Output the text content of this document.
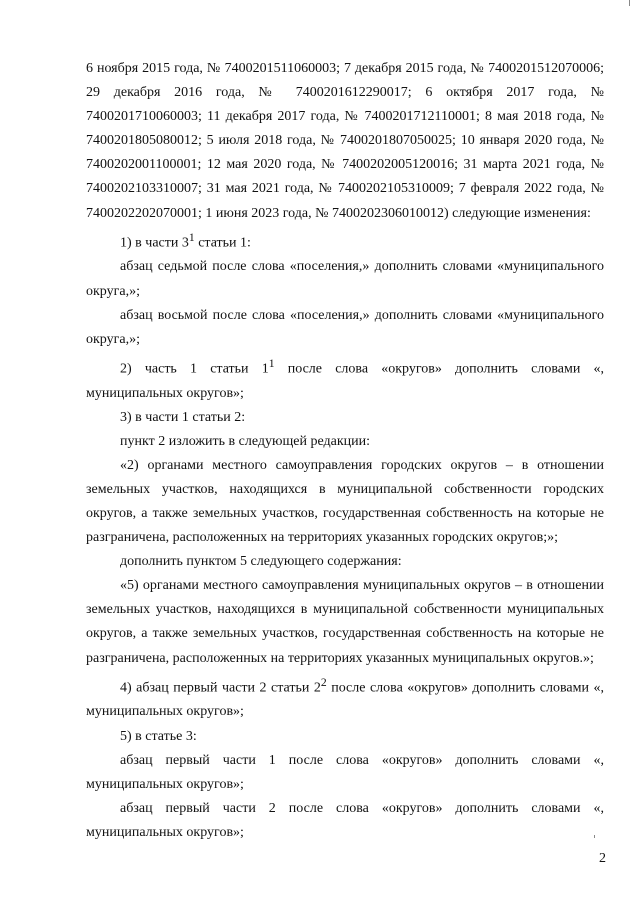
6 ноября 2015 года, № 7400201511060003; 7 декабря 2015 года, № 7400201512070006; 29 декабря 2016 года, № 7400201612290017; 6 октября 2017 года, № 7400201710060003; 11 декабря 2017 года, № 7400201712110001; 8 мая 2018 года, № 7400201805080012; 5 июля 2018 года, № 7400201807050025; 10 января 2020 года, № 7400202001100001; 12 мая 2020 года, № 7400202005120016; 31 марта 2021 года, № 7400202103310007; 31 мая 2021 года, № 7400202105310009; 7 февраля 2022 года, № 7400202202070001; 1 июня 2023 года, № 7400202306010012) следующие изменения:

1) в части $3^1$ статьи 1:

абзац седьмой после слова «поселения,» дополнить словами «муниципального округа,»;

абзац восьмой после слова «поселения,» дополнить словами «муниципального округа,»;

2) часть 1 статьи $1^1$ после слова «округов» дополнить словами «, муниципальных округов»;

3) в части 1 статьи 2:

пункт 2 изложить в следующей редакции:

«2) органами местного самоуправления городских округов – в отношении земельных участков, находящихся в муниципальной собственности городских округов, а также земельных участков, государственная собственность на которые не разграничена, расположенных на территориях указанных городских округов;»;

дополнить пунктом 5 следующего содержания:

«5) органами местного самоуправления муниципальных округов – в отношении земельных участков, находящихся в муниципальной собственности муниципальных округов, а также земельных участков, государственная собственность на которые не разграничена, расположенных на территориях указанных муниципальных округов.»;

4) абзац первый части 2 статьи $2^2$ после слова «округов» дополнить словами «, муниципальных округов»;

5) в статье 3:

абзац первый части 1 после слова «округов» дополнить словами «, муниципальных округов»;

абзац первый части 2 после слова «округов» дополнить словами «, муниципальных округов»;

2
